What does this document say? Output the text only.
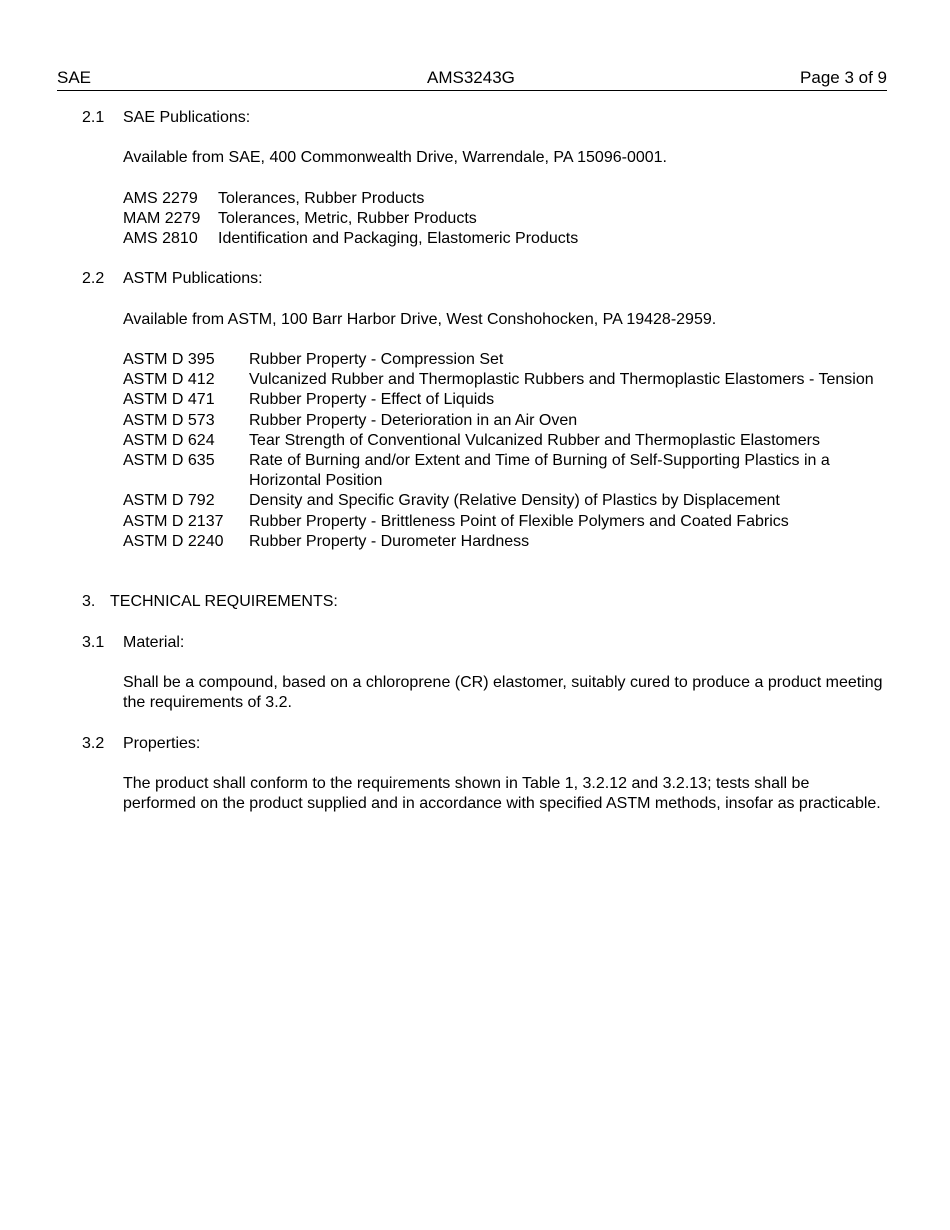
SAE	AMS3243G	Page 3 of 9
2.1 SAE Publications:
Available from SAE, 400 Commonwealth Drive, Warrendale, PA 15096-0001.
AMS 2279	Tolerances, Rubber Products
MAM 2279	Tolerances, Metric, Rubber Products
AMS 2810	Identification and Packaging, Elastomeric Products
2.2 ASTM Publications:
Available from ASTM, 100 Barr Harbor Drive, West Conshohocken, PA 19428-2959.
ASTM D 395	Rubber Property - Compression Set
ASTM D 412	Vulcanized Rubber and Thermoplastic Rubbers and Thermoplastic Elastomers - Tension
ASTM D 471	Rubber Property - Effect of Liquids
ASTM D 573	Rubber Property - Deterioration in an Air Oven
ASTM D 624	Tear Strength of Conventional Vulcanized Rubber and Thermoplastic Elastomers
ASTM D 635	Rate of Burning and/or Extent and Time of Burning of Self-Supporting Plastics in a Horizontal Position
ASTM D 792	Density and Specific Gravity (Relative Density) of Plastics by Displacement
ASTM D 2137	Rubber Property - Brittleness Point of Flexible Polymers and Coated Fabrics
ASTM D 2240	Rubber Property - Durometer Hardness
3. TECHNICAL REQUIREMENTS:
3.1 Material:
Shall be a compound, based on a chloroprene (CR) elastomer, suitably cured to produce a product meeting the requirements of 3.2.
3.2 Properties:
The product shall conform to the requirements shown in Table 1, 3.2.12 and 3.2.13; tests shall be performed on the product supplied and in accordance with specified ASTM methods, insofar as practicable.
